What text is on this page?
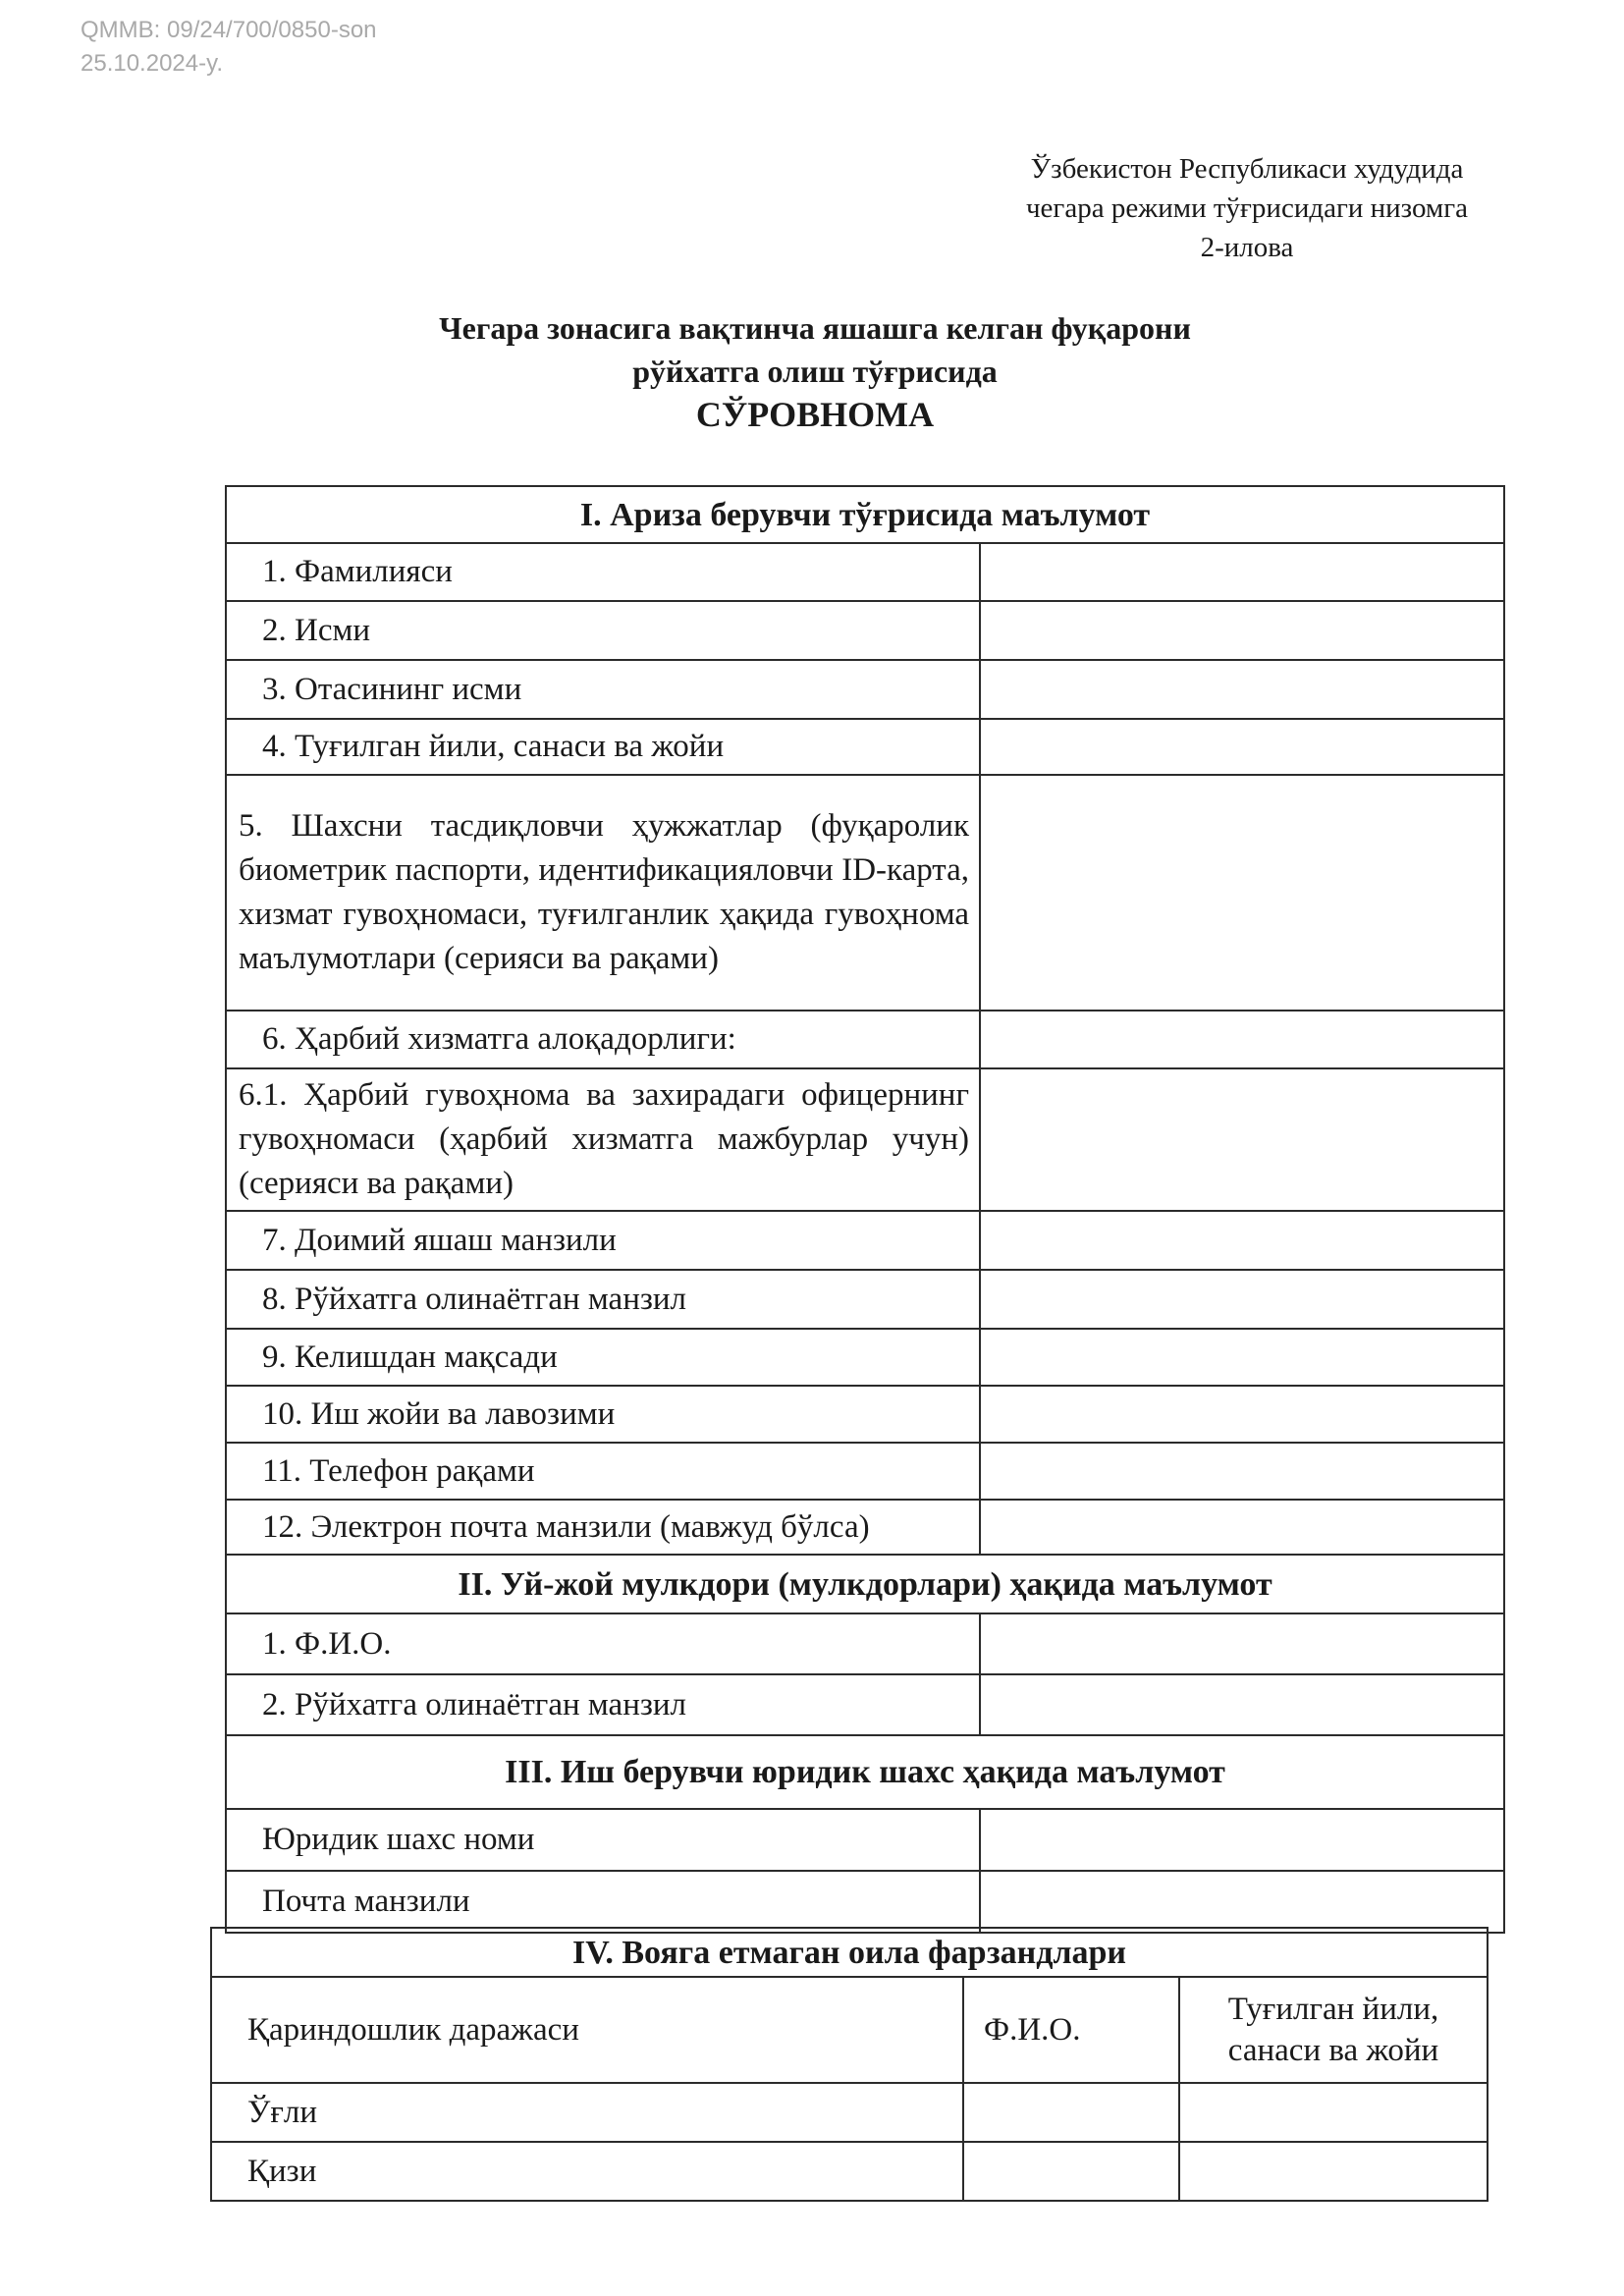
QMMB: 09/24/700/0850-son
25.10.2024-y.
Ўзбекистон Республикаси худудида
чегара режими тўғрисидаги низомга
2-илова
Чегара зонасига вақтинча яшашга келган фуқарони
рўйхатга олиш тўғрисида
СЎРОВНОМА
I. Ариза берувчи тўғрисида маълумот	
1. Фамилияси	
2. Исми	
3. Отасининг исми	
4. Туғилган йили, санаси ва жойи	
5. Шахсни тасдиқловчи ҳужжатлар (фуқаролик биометрик паспорти, идентификацияловчи ID-карта, хизмат гувоҳномаси, туғилганлик ҳақида гувоҳнома маълумотлари (серияси ва рақами)	
6. Ҳарбий хизматга алоқадорлиги:	
6.1. Ҳарбий гувоҳнома ва захирадаги офицернинг гувоҳномаси (ҳарбий хизматга мажбурлар учун) (серияси ва рақами)	
7. Доимий яшаш манзили	
8. Рўйхатга олинаётган манзил	
9. Келишдан мақсади	
10. Иш жойи ва лавозими	
11. Телефон рақами	
12. Электрон почта манзили (мавжуд бўлса)	
II. Уй-жой мулкдори (мулкдорлари) ҳақида маълумот	
1. Ф.И.О.	
2. Рўйхатга олинаётган манзил	
III. Иш берувчи юридик шахс ҳақида маълумот	
Юридик шахс номи	
Почта манзили	
IV. Вояга етмаган оила фарзандлари		
Қариндошлик даражаси	Ф.И.О.	Туғилган йили, санаси ва жойи
Ўғли		
Қизи		
